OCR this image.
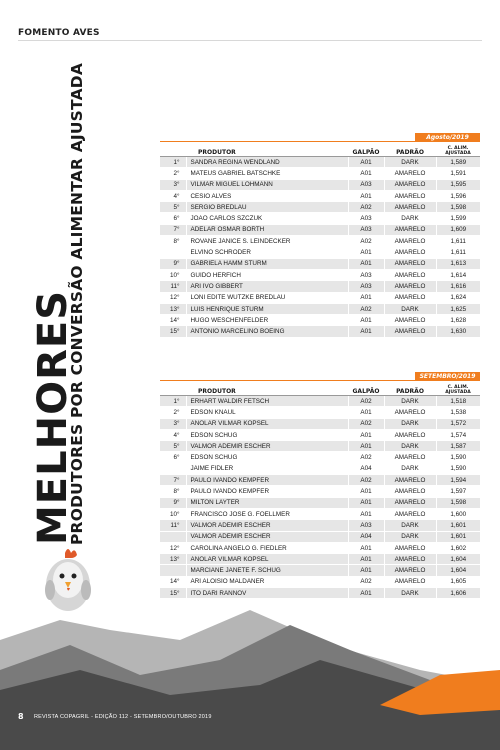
FOMENTO AVES
MELHORES
PRODUTORES POR CONVERSÃO ALIMENTAR AJUSTADA	Agosto/2019
	PRODUTOR	GALPÃO	PADRÃO	C. ALIM. AJUSTADA
1°	SANDRA REGINA WENDLAND	A01	DARK	1,589
2°	MATEUS GABRIEL BATSCHKE	A01	AMARELO	1,591
3°	VILMAR MIGUEL LOHMANN	A03	AMARELO	1,595
4°	CESIO ALVES	A01	AMARELO	1,596
5°	SERGIO BREDLAU	A02	AMARELO	1,598
6°	JOAO CARLOS SZCZUK	A03	DARK	1,599
7°	ADELAR OSMAR BORTH	A03	AMARELO	1,609
8°	ROVANE JANICE S. LEINDECKER	A02	AMARELO	1,611
	ELVINO SCHRODER	A01	AMARELO	1,611
9°	GABRIELA HAMM STURM	A01	AMARELO	1,613
10°	GUIDO HERFICH	A03	AMARELO	1,614
11°	ARI IVO GIBBERT	A03	AMARELO	1,616
12°	LONI EDITE WUTZKE BREDLAU	A01	AMARELO	1,624
13°	LUIS HENRIQUE STURM	A02	DARK	1,625
14°	HUGO WESCHENFELDER	A01	AMARELO	1,628
15°	ANTONIO MARCELINO BOEING	A01	AMARELO	1,630
SETEMBRO/2019
	PRODUTOR	GALPÃO	PADRÃO	C. ALIM. AJUSTADA
1°	ERHART WALDIR FETSCH	A02	DARK	1,518
2°	EDSON KNAUL	A01	AMARELO	1,538
3°	ANOLAR VILMAR KOPSEL	A02	DARK	1,572
4°	EDSON SCHUG	A01	AMARELO	1,574
5°	VALMOR ADEMIR ESCHER	A01	DARK	1,587
6°	EDSON SCHUG	A02	AMARELO	1,590
	JAIME FIDLER	A04	DARK	1,590
7°	PAULO IVANDO KEMPFER	A02	AMARELO	1,594
8°	PAULO IVANDO KEMPFER	A01	AMARELO	1,597
9°	MILTON LAYTER	A01	AMARELO	1,598
10°	FRANCISCO JOSE G. FOELLMER	A01	AMARELO	1,600
11°	VALMOR ADEMIR ESCHER	A03	DARK	1,601
	VALMOR ADEMIR ESCHER	A04	DARK	1,601
12°	CAROLINA ANGELO G. FIEDLER	A01	AMARELO	1,602
13°	ANOLAR VILMAR KOPSEL	A01	AMARELO	1,604
	MARCIANE JANETE F. SCHUG	A01	AMARELO	1,604
14°	ARI ALOISIO MALDANER	A02	AMARELO	1,605
15°	ITO DARI RANNOV	A01	DARK	1,606
8 REVISTA COPAGRIL - EDIÇÃO 112 - SETEMBRO/OUTUBRO 2019
